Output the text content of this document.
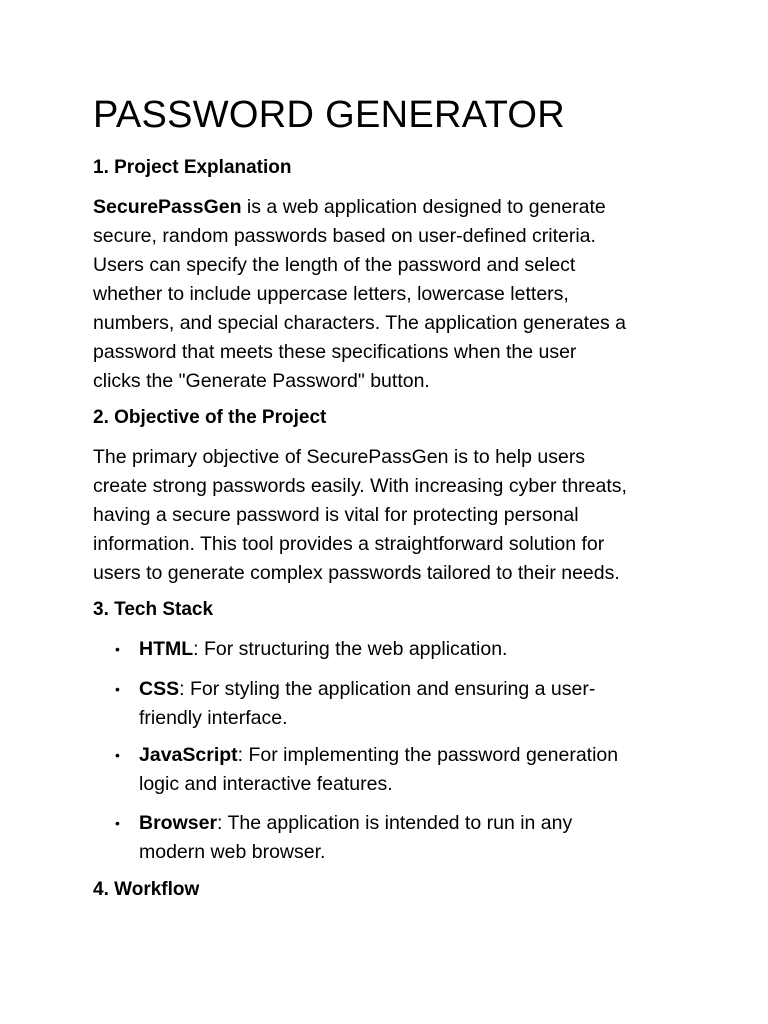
PASSWORD GENERATOR
1. Project Explanation

SecurePassGen is a web application designed to generate
secure, random passwords based on user-defined criteria.
Users can specify the length of the password and select
whether to include uppercase letters, lowercase letters,
numbers, and special characters. The application generates a
password that meets these specifications when the user
clicks the "Generate Password" button.

2. Objective of the Project

The primary objective of SecurePassGen is to help users
create strong passwords easily. With increasing cyber threats,
having a secure password is vital for protecting personal
information. This tool provides a straightforward solution for
users to generate complex passwords tailored to their needs.

3. Tech Stack
• HTML: For structuring the web application.
• CSS: For styling the application and ensuring a user-
friendly interface.
• JavaScript: For implementing the password generation
logic and interactive features.
• Browser: The application is intended to run in any
modern web browser.
4. Workflow
